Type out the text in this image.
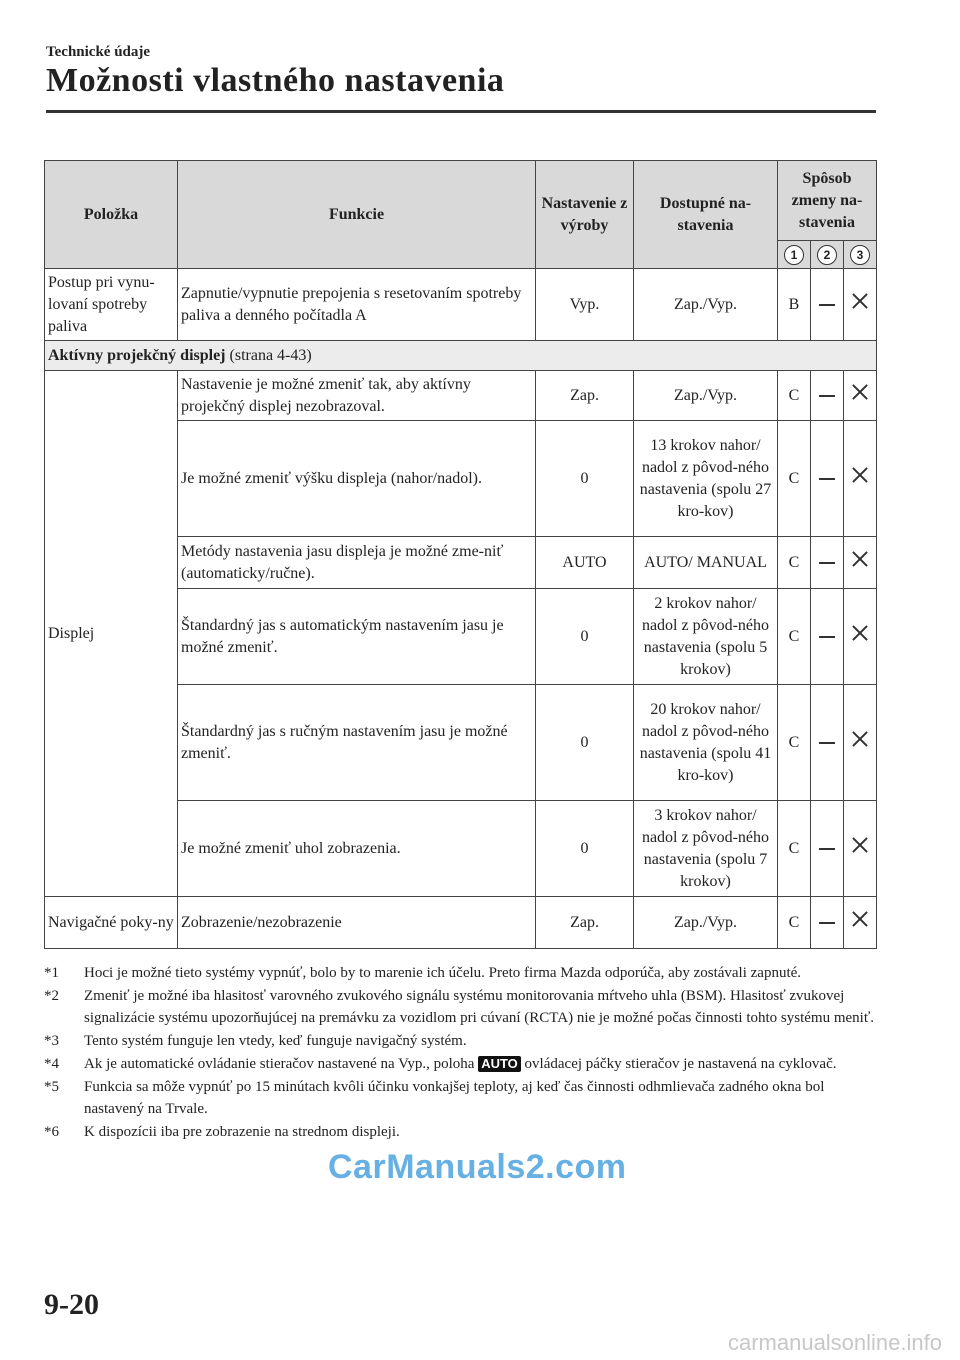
Technické údaje
Možnosti vlastného nastavenia
Položka	Funkcie	Nastavenie z výroby	Dostupné na-stavenia	Spôsob zmeny na-stavenia		
				1	2	3
Postup pri vynu-lovaní spotreby paliva	Zapnutie/vypnutie prepojenia s resetovaním spotreby paliva a denného počítadla A	Vyp.	Zap./Vyp.	B		
Aktívny projekčný displej (strana 4-43)						
Displej	Nastavenie je možné zmeniť tak, aby aktívny projekčný displej nezobrazoval.	Zap.	Zap./Vyp.	C		
	Je možné zmeniť výšku displeja (nahor/nadol).	0	13 krokov nahor/ nadol z pôvod-ného nastavenia (spolu 27 kro-kov)	C		
	Metódy nastavenia jasu displeja je možné zme-niť (automaticky/ručne).	AUTO	AUTO/ MANUAL	C		
	Štandardný jas s automatickým nastavením jasu je možné zmeniť.	0	2 krokov nahor/ nadol z pôvod-ného nastavenia (spolu 5 krokov)	C		
	Štandardný jas s ručným nastavením jasu je možné zmeniť.	0	20 krokov nahor/ nadol z pôvod-ného nastavenia (spolu 41 kro-kov)	C		
	Je možné zmeniť uhol zobrazenia.	0	3 krokov nahor/ nadol z pôvod-ného nastavenia (spolu 7 krokov)	C		
Navigačné poky-ny	Zobrazenie/nezobrazenie	Zap.	Zap./Vyp.	C		
*1	Hoci je možné tieto systémy vypnúť, bolo by to marenie ich účelu. Preto firma Mazda odporúča, aby zostávali zapnuté.
*2	Zmeniť je možné iba hlasitosť varovného zvukového signálu systému monitorovania mŕtveho uhla (BSM). Hlasitosť zvukovej signalizácie systému upozorňujúcej na premávku za vozidlom pri cúvaní (RCTA) nie je možné počas činnosti tohto systému meniť.
*3	Tento systém funguje len vtedy, keď funguje navigačný systém.
*4	Ak je automatické ovládanie stieračov nastavené na Vyp., poloha AUTO ovládacej páčky stieračov je nastavená na cyklovač.
*5	Funkcia sa môže vypnúť po 15 minútach kvôli účinku vonkajšej teploty, aj keď čas činnosti odhmlievača zadného okna bol nastavený na Trvale.
*6	K dispozícii iba pre zobrazenie na strednom displeji.
CarManuals2.com
9-20
carmanualsonline.info
